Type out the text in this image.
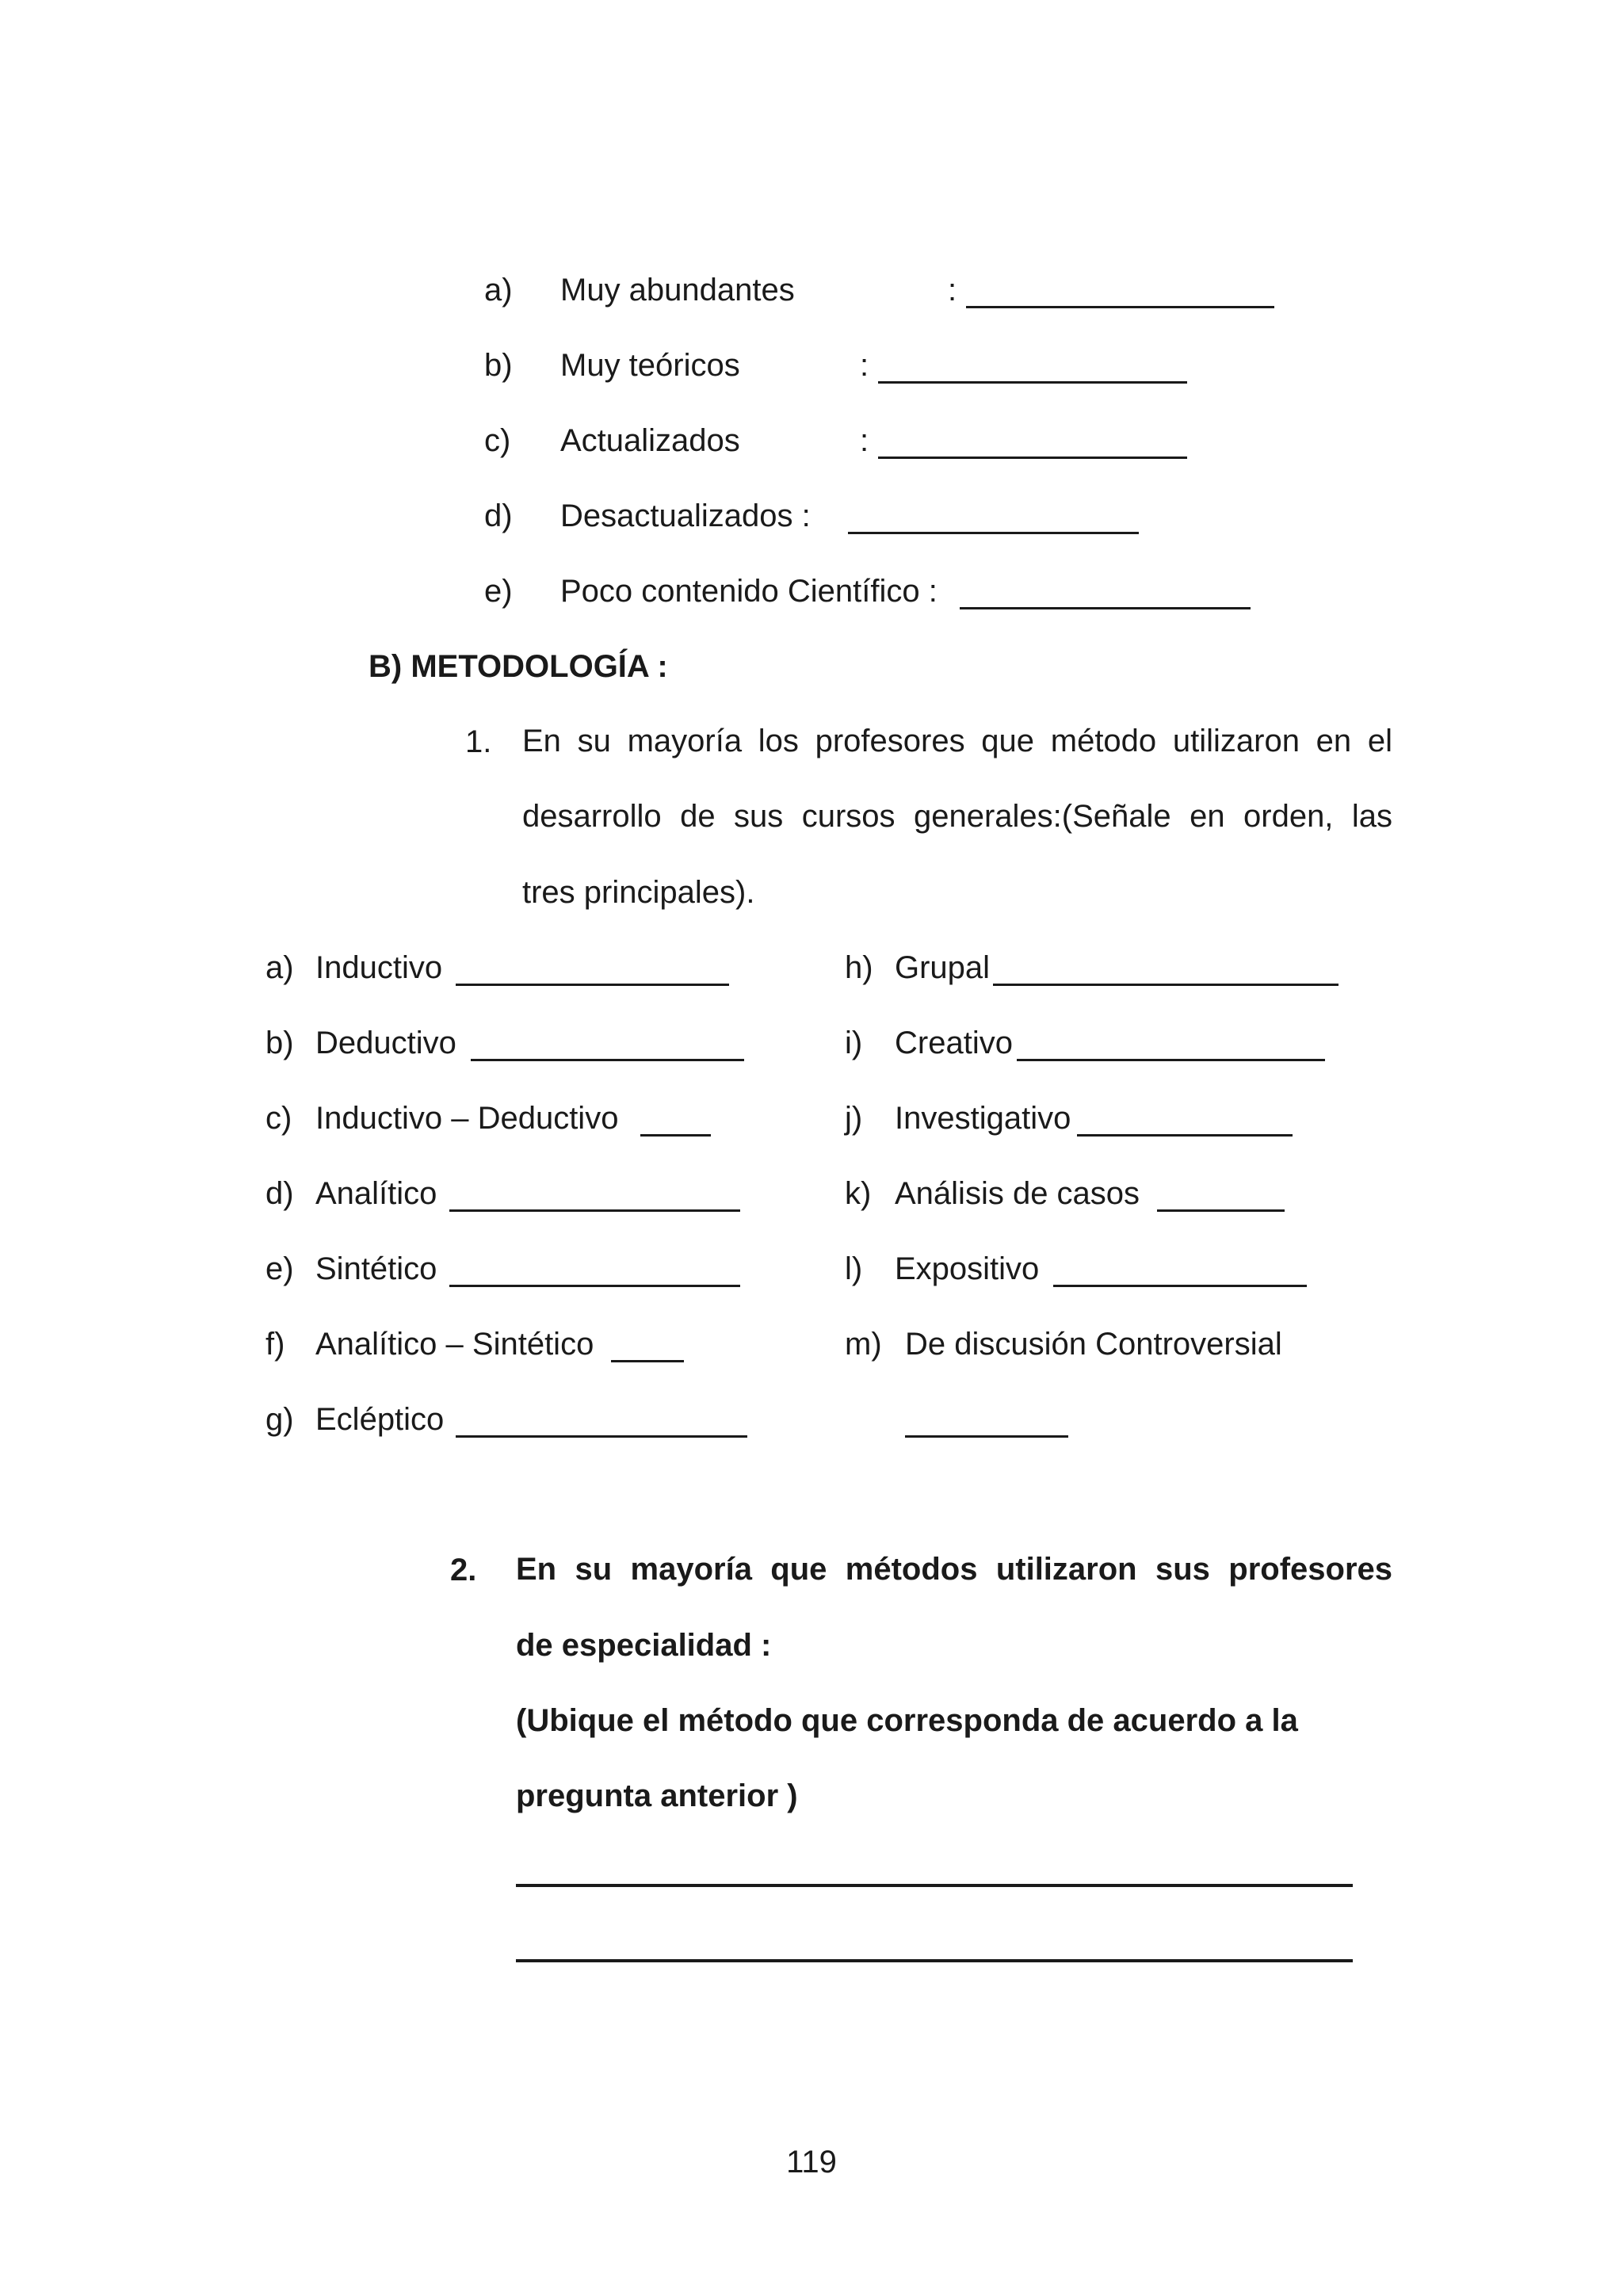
a) Muy abundantes	:
b) Muy teóricos	:
c) Actualizados	:
d) Desactualizados :
e) Poco contenido Científico :
B) METODOLOGÍA :
1. En su mayoría los profesores que método utilizaron en el
desarrollo de sus cursos generales:(Señale en orden, las
tres principales).
a) Inductivo
b) Deductivo
c) Inductivo – Deductivo
d) Analítico
e) Sintético
f) Analítico – Sintético
g) Ecléptico
h) Grupal
i) Creativo
j) Investigativo
k) Análisis de casos
l) Expositivo
m) De discusión Controversial
2. En su mayoría que métodos utilizaron sus profesores
de especialidad :
(Ubique el método que corresponda de acuerdo a la
pregunta anterior )
119
